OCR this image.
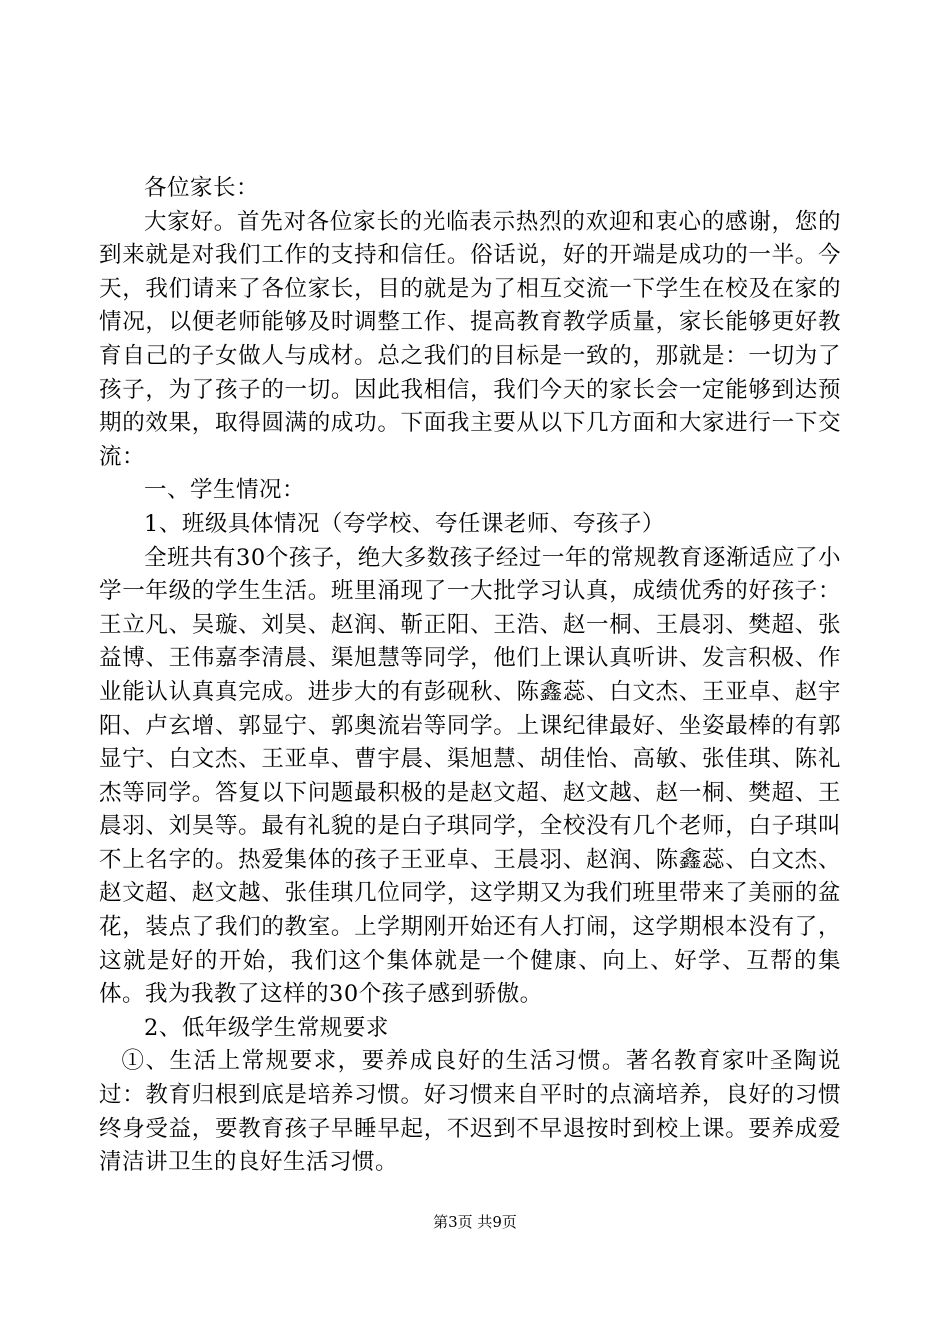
各位家长：

大家好。首先对各位家长的光临表示热烈的欢迎和衷心的感谢，您的到来就是对我们工作的支持和信任。俗话说，好的开端是成功的一半。今天，我们请来了各位家长，目的就是为了相互交流一下学生在校及在家的情况，以便老师能够及时调整工作、提高教育教学质量，家长能够更好教育自己的子女做人与成材。总之我们的目标是一致的，那就是：一切为了孩子，为了孩子的一切。因此我相信，我们今天的家长会一定能够到达预期的效果，取得圆满的成功。下面我主要从以下几方面和大家进行一下交流：

一、学生情况：

1、班级具体情况（夸学校、夸任课老师、夸孩子）

全班共有30个孩子，绝大多数孩子经过一年的常规教育逐渐适应了小学一年级的学生生活。班里涌现了一大批学习认真，成绩优秀的好孩子：王立凡、吴璇、刘昊、赵润、靳正阳、王浩、赵一桐、王晨羽、樊超、张益博、王伟嘉李清晨、渠旭慧等同学，他们上课认真听讲、发言积极、作业能认认真真完成。进步大的有彭砚秋、陈鑫蕊、白文杰、王亚卓、赵宇阳、卢玄增、郭显宁、郭奥流岩等同学。上课纪律最好、坐姿最棒的有郭显宁、白文杰、王亚卓、曹宇晨、渠旭慧、胡佳怡、高敏、张佳琪、陈礼杰等同学。答复以下问题最积极的是赵文超、赵文越、赵一桐、樊超、王晨羽、刘昊等。最有礼貌的是白子琪同学，全校没有几个老师，白子琪叫不上名字的。热爱集体的孩子王亚卓、王晨羽、赵润、陈鑫蕊、白文杰、赵文超、赵文越、张佳琪几位同学，这学期又为我们班里带来了美丽的盆花，装点了我们的教室。上学期刚开始还有人打闹，这学期根本没有了，这就是好的开始，我们这个集体就是一个健康、向上、好学、互帮的集体。我为我教了这样的30个孩子感到骄傲。

2、低年级学生常规要求

①、生活上常规要求，要养成良好的生活习惯。著名教育家叶圣陶说过：教育归根到底是培养习惯。好习惯来自平时的点滴培养，良好的习惯终身受益，要教育孩子早睡早起，不迟到不早退按时到校上课。要养成爱清洁讲卫生的良好生活习惯。

第3页 共9页
